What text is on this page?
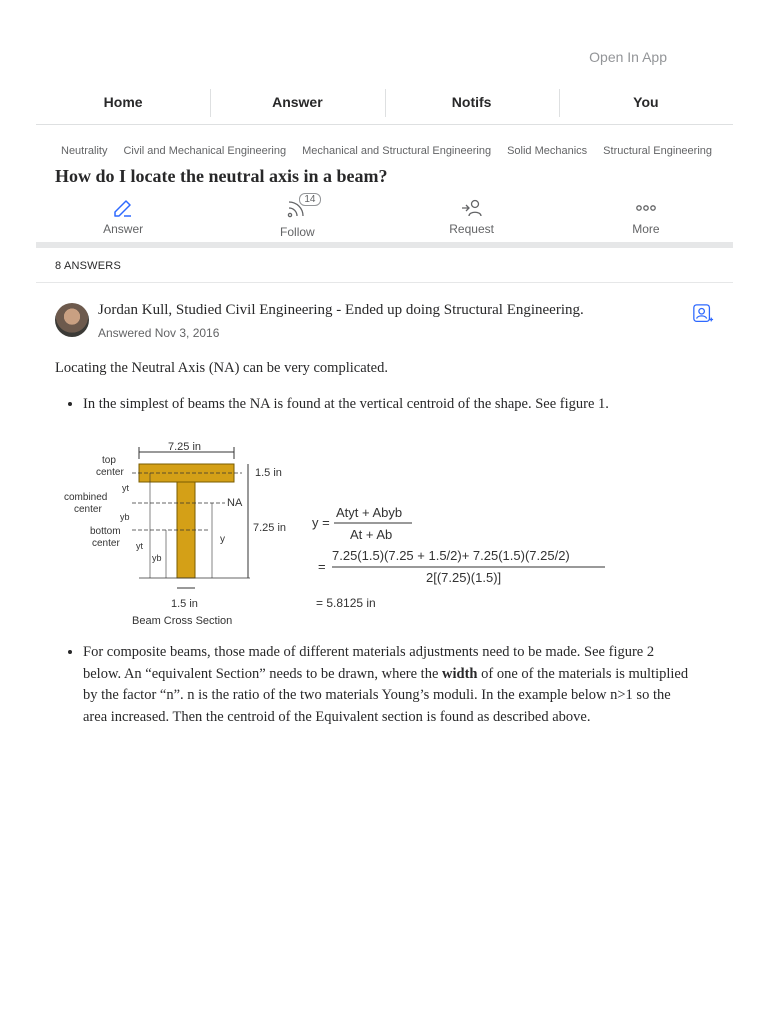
Open In App
Home	Answer	Notifs	You
Neutrality Civil and Mechanical Engineering Mechanical and Structural Engineering Solid Mechanics Structural Engineering
How do I locate the neutral axis in a beam?
Answer
14
Follow	Request	More
8 ANSWERS
Jordan Kull, Studied Civil Engineering - Ended up doing Structural Engineering.
Answered Nov 3, 2016

Locating the Neutral Axis (NA) can be very complicated.

• In the simplest of beams the NA is found at the vertical centroid of the shape. See figure 1.
7.25 in
1.5 in
7.25 in
NA
top
center
combined
center
bottom
center
yt
yb
yt
yb
y
1.5 in
Beam Cross Section
y =
Atyt + Abyb
At + Ab
=
7.25(1.5)(7.25 + 1.5/2)+ 7.25(1.5)(7.25/2)
2[(7.25)(1.5)]
= 5.8125 in
• For composite beams, those made of different materials adjustments need to be made. See figure 2 below. An “equivalent Section” needs to be drawn, where the width of one of the materials is multiplied by the factor “n”. n is the ratio of the two materials Young’s moduli. In the example below n>1 so the area increased. Then the centroid of the Equivalent section is found as described above.
